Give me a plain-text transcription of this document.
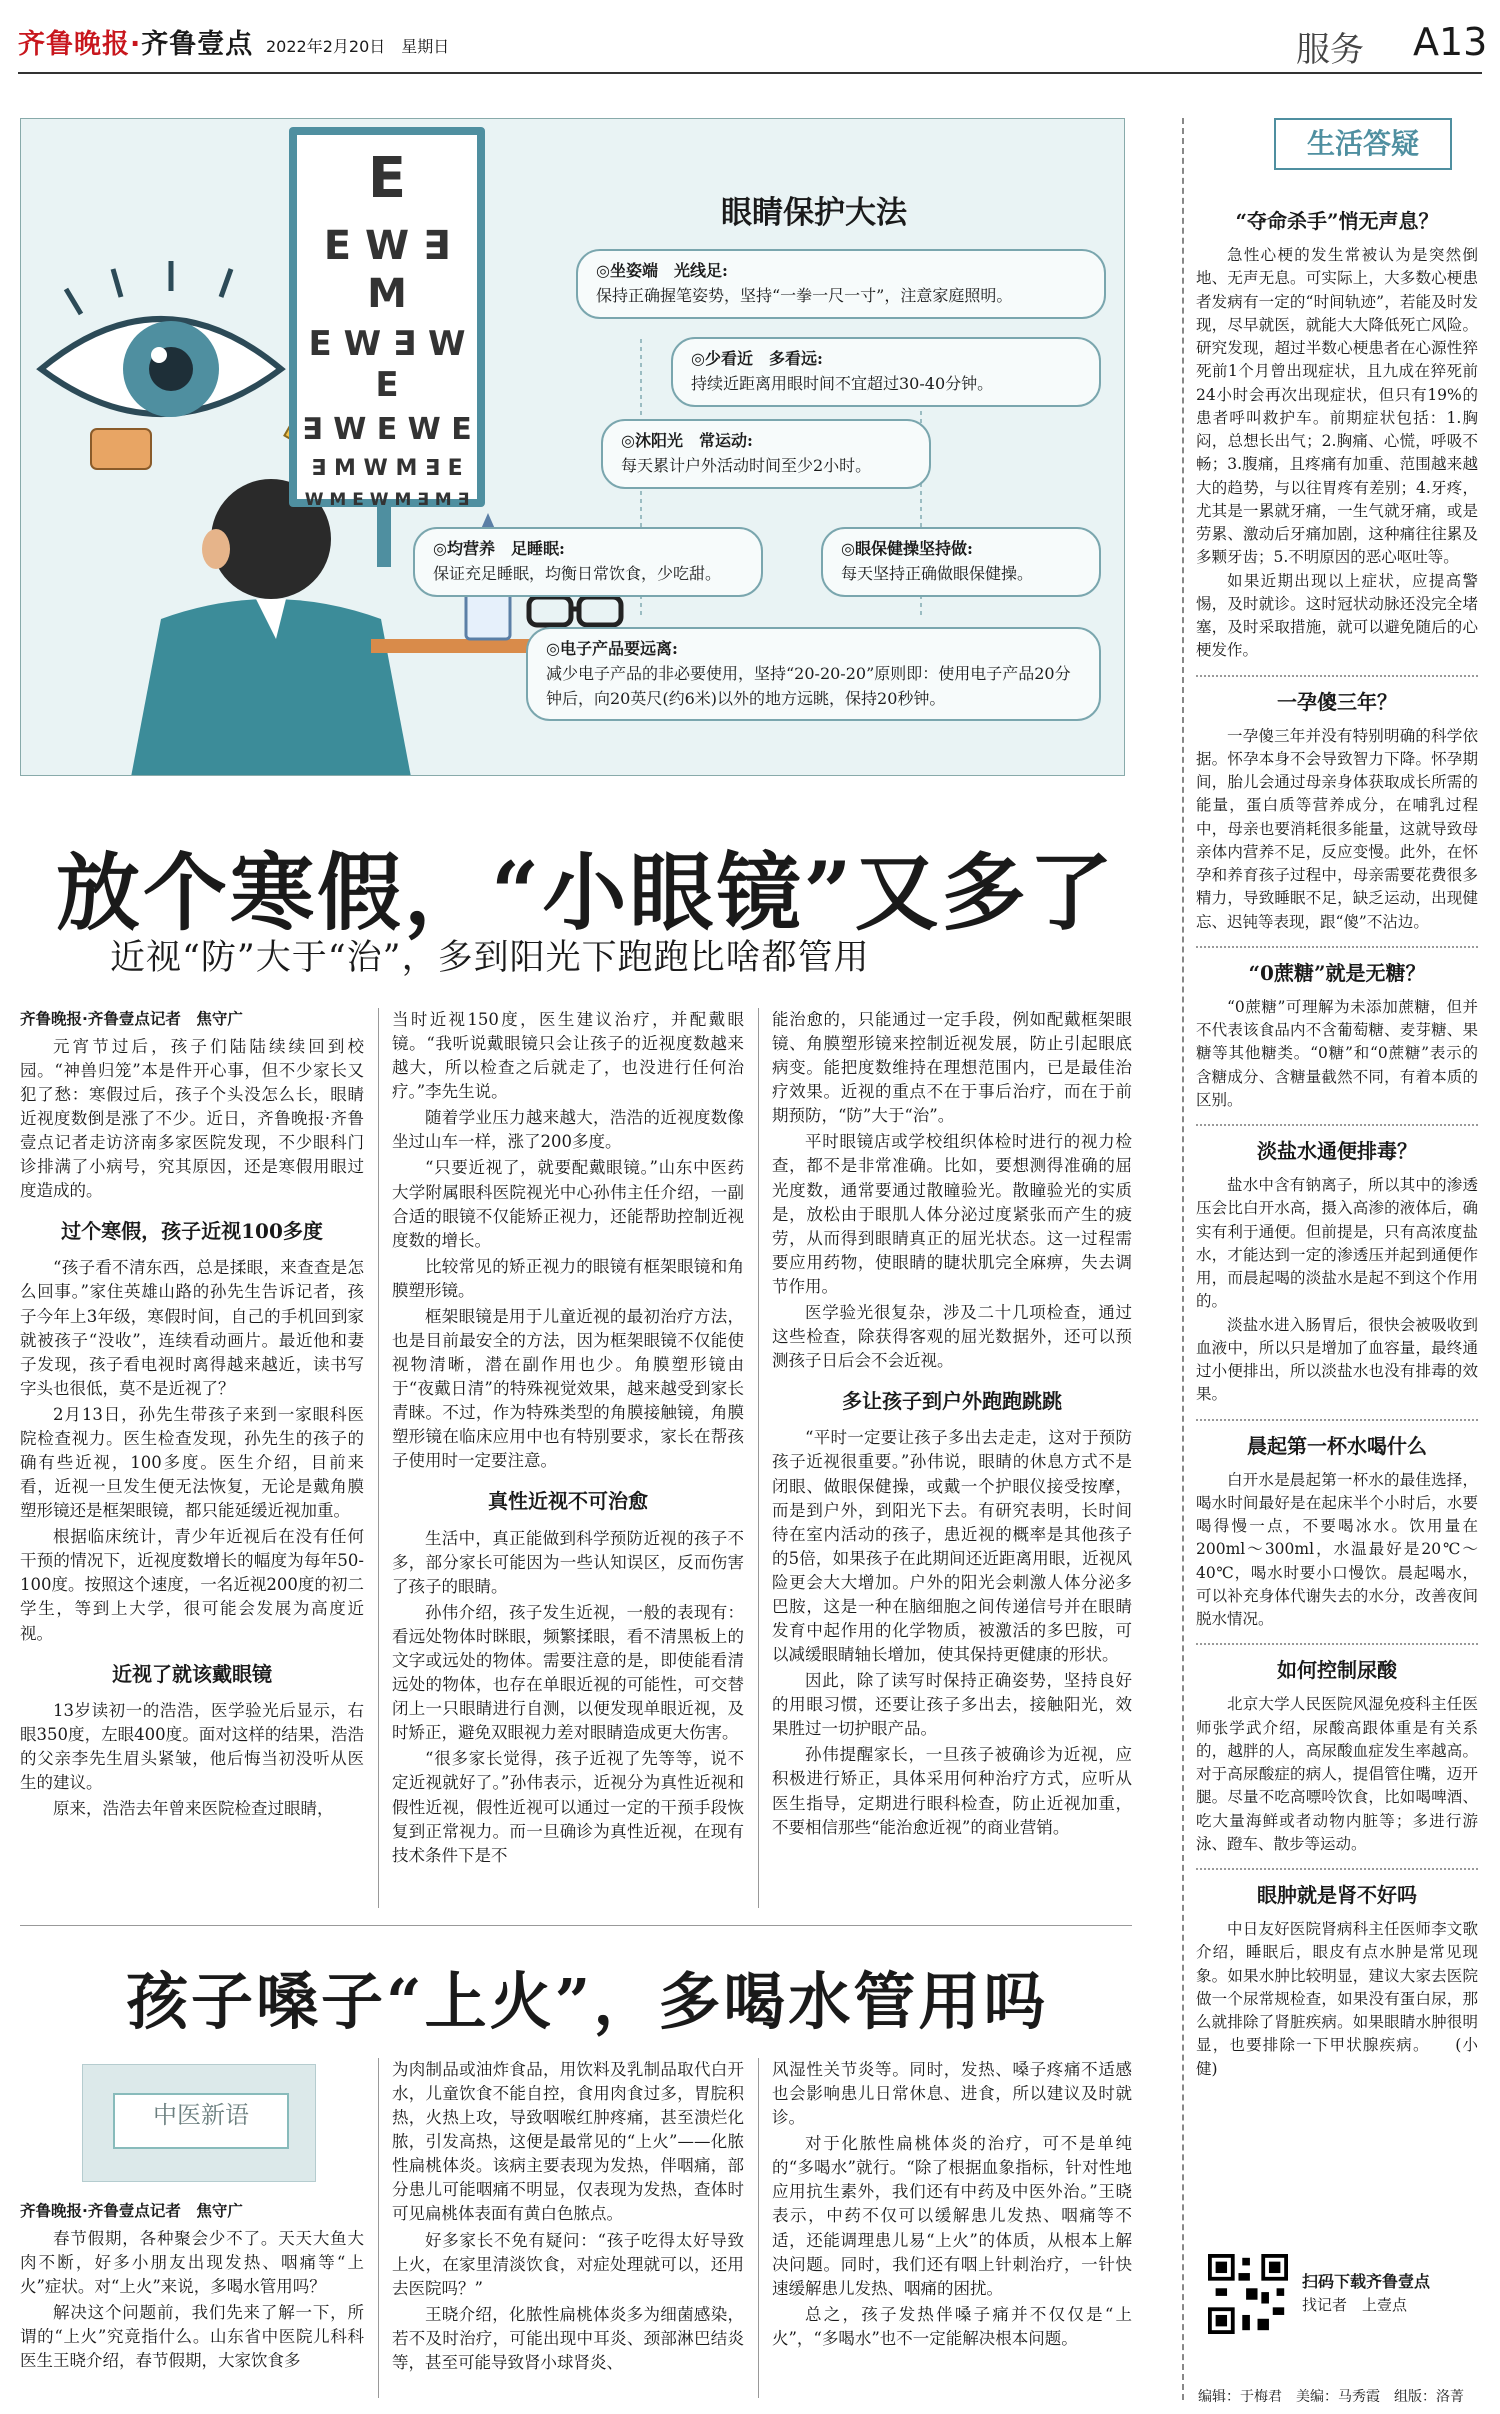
齐鲁晚报·齐鲁壹点 2022年2月20日　星期日	服务 A13
E
E W ∃ M
E W ∃ W E
∃ W E W E
∃ M W M ∃ E
W M E W M ∃ M ∃
眼睛保护大法
◎坐姿端　光线足:
保持正确握笔姿势，坚持“一拳一尺一寸”，注意家庭照明。
◎少看近　多看远:
持续近距离用眼时间不宜超过30-40分钟。
◎沐阳光　常运动:
每天累计户外活动时间至少2小时。
◎均营养　足睡眠:
保证充足睡眠，均衡日常饮食，少吃甜。
◎眼保健操坚持做:
每天坚持正确做眼保健操。
◎电子产品要远离:
减少电子产品的非必要使用，坚持“20-20-20”原则即：使用电子产品20分钟后，向20英尺(约6米)以外的地方远眺，保持20秒钟。
放个寒假，“小眼镜”又多了
近视“防”大于“治”，多到阳光下跑跑比啥都管用
齐鲁晚报·齐鲁壹点记者　焦守广

元宵节过后，孩子们陆陆续续回到校园。“神兽归笼”本是件开心事，但不少家长又犯了愁：寒假过后，孩子个头没怎么长，眼睛近视度数倒是涨了不少。近日，齐鲁晚报·齐鲁壹点记者走访济南多家医院发现，不少眼科门诊排满了小病号，究其原因，还是寒假用眼过度造成的。

过个寒假，孩子近视100多度

“孩子看不清东西，总是揉眼，来查查是怎么回事。”家住英雄山路的孙先生告诉记者，孩子今年上3年级，寒假时间，自己的手机回到家就被孩子“没收”，连续看动画片。最近他和妻子发现，孩子看电视时离得越来越近，读书写字头也很低，莫不是近视了？

2月13日，孙先生带孩子来到一家眼科医院检查视力。医生检查发现，孙先生的孩子的确有些近视，100多度。医生介绍，目前来看，近视一旦发生便无法恢复，无论是戴角膜塑形镜还是框架眼镜，都只能延缓近视加重。

根据临床统计，青少年近视后在没有任何干预的情况下，近视度数增长的幅度为每年50-100度。按照这个速度，一名近视200度的初二学生，等到上大学，很可能会发展为高度近视。

近视了就该戴眼镜

13岁读初一的浩浩，医学验光后显示，右眼350度，左眼400度。面对这样的结果，浩浩的父亲李先生眉头紧皱，他后悔当初没听从医生的建议。

原来，浩浩去年曾来医院检查过眼睛，

当时近视150度，医生建议治疗，并配戴眼镜。“我听说戴眼镜只会让孩子的近视度数越来越大，所以检查之后就走了，也没进行任何治疗。”李先生说。

随着学业压力越来越大，浩浩的近视度数像坐过山车一样，涨了200多度。

“只要近视了，就要配戴眼镜。”山东中医药大学附属眼科医院视光中心孙伟主任介绍，一副合适的眼镜不仅能矫正视力，还能帮助控制近视度数的增长。

比较常见的矫正视力的眼镜有框架眼镜和角膜塑形镜。

框架眼镜是用于儿童近视的最初治疗方法，也是目前最安全的方法，因为框架眼镜不仅能使视物清晰，潜在副作用也少。角膜塑形镜由于“夜戴日清”的特殊视觉效果，越来越受到家长青睐。不过，作为特殊类型的角膜接触镜，角膜塑形镜在临床应用中也有特别要求，家长在帮孩子使用时一定要注意。

真性近视不可治愈

生活中，真正能做到科学预防近视的孩子不多，部分家长可能因为一些认知误区，反而伤害了孩子的眼睛。

孙伟介绍，孩子发生近视，一般的表现有：看远处物体时眯眼，频繁揉眼，看不清黑板上的文字或远处的物体。需要注意的是，即使能看清远处的物体，也存在单眼近视的可能性，可交替闭上一只眼睛进行自测，以便发现单眼近视，及时矫正，避免双眼视力差对眼睛造成更大伤害。

“很多家长觉得，孩子近视了先等等，说不定近视就好了。”孙伟表示，近视分为真性近视和假性近视，假性近视可以通过一定的干预手段恢复到正常视力。而一旦确诊为真性近视，在现有技术条件下是不

能治愈的，只能通过一定手段，例如配戴框架眼镜、角膜塑形镜来控制近视发展，防止引起眼底病变。能把度数维持在理想范围内，已是最佳治疗效果。近视的重点不在于事后治疗，而在于前期预防，“防”大于“治”。

平时眼镜店或学校组织体检时进行的视力检查，都不是非常准确。比如，要想测得准确的屈光度数，通常要通过散瞳验光。散瞳验光的实质是，放松由于眼肌人体分泌过度紧张而产生的疲劳，从而得到眼睛真正的屈光状态。这一过程需要应用药物，使眼睛的睫状肌完全麻痹，失去调节作用。

医学验光很复杂，涉及二十几项检查，通过这些检查，除获得客观的屈光数据外，还可以预测孩子日后会不会近视。

多让孩子到户外跑跑跳跳

“平时一定要让孩子多出去走走，这对于预防孩子近视很重要。”孙伟说，眼睛的休息方式不是闭眼、做眼保健操，或戴一个护眼仪接受按摩，而是到户外，到阳光下去。有研究表明，长时间待在室内活动的孩子，患近视的概率是其他孩子的5倍，如果孩子在此期间还近距离用眼，近视风险更会大大增加。户外的阳光会刺激人体分泌多巴胺，这是一种在脑细胞之间传递信号并在眼睛发育中起作用的化学物质，被激活的多巴胺，可以减缓眼睛轴长增加，使其保持更健康的形状。

因此，除了读写时保持正确姿势，坚持良好的用眼习惯，还要让孩子多出去，接触阳光，效果胜过一切护眼产品。

孙伟提醒家长，一旦孩子被确诊为近视，应积极进行矫正，具体采用何种治疗方式，应听从医生指导，定期进行眼科检查，防止近视加重，不要相信那些“能治愈近视”的商业营销。

孩子嗓子“上火”，多喝水管用吗
中医新语
齐鲁晚报·齐鲁壹点记者　焦守广

春节假期，各种聚会少不了。天天大鱼大肉不断，好多小朋友出现发热、咽痛等“上火”症状。对“上火”来说，多喝水管用吗？

解决这个问题前，我们先来了解一下，所谓的“上火”究竟指什么。山东省中医院儿科科医生王晓介绍，春节假期，大家饮食多

为肉制品或油炸食品，用饮料及乳制品取代白开水，儿童饮食不能自控，食用肉食过多，胃脘积热，火热上攻，导致咽喉红肿疼痛，甚至溃烂化脓，引发高热，这便是最常见的“上火”——化脓性扁桃体炎。该病主要表现为发热，伴咽痛，部分患儿可能咽痛不明显，仅表现为发热，查体时可见扁桃体表面有黄白色脓点。

好多家长不免有疑问：“孩子吃得太好导致上火，在家里清淡饮食，对症处理就可以，还用去医院吗？”

王晓介绍，化脓性扁桃体炎多为细菌感染，若不及时治疗，可能出现中耳炎、颈部淋巴结炎等，甚至可能导致肾小球肾炎、

风湿性关节炎等。同时，发热、嗓子疼痛不适感也会影响患儿日常休息、进食，所以建议及时就诊。

对于化脓性扁桃体炎的治疗，可不是单纯的“多喝水”就行。“除了根据血象指标，针对性地应用抗生素外，我们还有中药及中医外治。”王晓表示，中药不仅可以缓解患儿发热、咽痛等不适，还能调理患儿易“上火”的体质，从根本上解决问题。同时，我们还有咽上针刺治疗，一针快速缓解患儿发热、咽痛的困扰。

总之，孩子发热伴嗓子痛并不仅仅是“上火”，“多喝水”也不一定能解决根本问题。

生活答疑
“夺命杀手”悄无声息？

急性心梗的发生常被认为是突然倒地、无声无息。可实际上，大多数心梗患者发病有一定的“时间轨迹”，若能及时发现，尽早就医，就能大大降低死亡风险。研究发现，超过半数心梗患者在心源性猝死前1个月曾出现症状，且九成在猝死前24小时会再次出现症状，但只有19%的患者呼叫救护车。前期症状包括：1.胸闷，总想长出气；2.胸痛、心慌，呼吸不畅；3.腹痛，且疼痛有加重、范围越来越大的趋势，与以往胃疼有差别；4.牙疼，尤其是一累就牙痛，一生气就牙痛，或是劳累、激动后牙痛加剧，这种痛往往累及多颗牙齿；5.不明原因的恶心呕吐等。

如果近期出现以上症状，应提高警惕，及时就诊。这时冠状动脉还没完全堵塞，及时采取措施，就可以避免随后的心梗发作。

一孕傻三年？

一孕傻三年并没有特别明确的科学依据。怀孕本身不会导致智力下降。怀孕期间，胎儿会通过母亲身体获取成长所需的能量，蛋白质等营养成分，在哺乳过程中，母亲也要消耗很多能量，这就导致母亲体内营养不足，反应变慢。此外，在怀孕和养育孩子过程中，母亲需要花费很多精力，导致睡眠不足，缺乏运动，出现健忘、迟钝等表现，跟“傻”不沾边。

“0蔗糖”就是无糖？

“0蔗糖”可理解为未添加蔗糖，但并不代表该食品内不含葡萄糖、麦芽糖、果糖等其他糖类。“0糖”和“0蔗糖”表示的含糖成分、含糖量截然不同，有着本质的区别。

淡盐水通便排毒？

盐水中含有钠离子，所以其中的渗透压会比白开水高，摄入高渗的液体后，确实有利于通便。但前提是，只有高浓度盐水，才能达到一定的渗透压并起到通便作用，而晨起喝的淡盐水是起不到这个作用的。

淡盐水进入肠胃后，很快会被吸收到血液中，所以只是增加了血容量，最终通过小便排出，所以淡盐水也没有排毒的效果。

晨起第一杯水喝什么

白开水是晨起第一杯水的最佳选择，喝水时间最好是在起床半个小时后，水要喝得慢一点，不要喝冰水。饮用量在200ml～300ml，水温最好是20℃～40℃，喝水时要小口慢饮。晨起喝水，可以补充身体代谢失去的水分，改善夜间脱水情况。

如何控制尿酸

北京大学人民医院风湿免疫科主任医师张学武介绍，尿酸高跟体重是有关系的，越胖的人，高尿酸血症发生率越高。对于高尿酸症的病人，提倡管住嘴，迈开腿。尽量不吃高嘌呤饮食，比如喝啤酒、吃大量海鲜或者动物内脏等；多进行游泳、蹬车、散步等运动。

眼肿就是肾不好吗

中日友好医院肾病科主任医师李文歌介绍，睡眠后，眼皮有点水肿是常见现象。如果水肿比较明显，建议大家去医院做一个尿常规检查，如果没有蛋白尿，那么就排除了肾脏疾病。如果眼睛水肿很明显，也要排除一下甲状腺疾病。　　(小健)

扫码下载齐鲁壹点
找记者　上壹点
编辑：于梅君　美编：马秀霞　组版：洛菁
